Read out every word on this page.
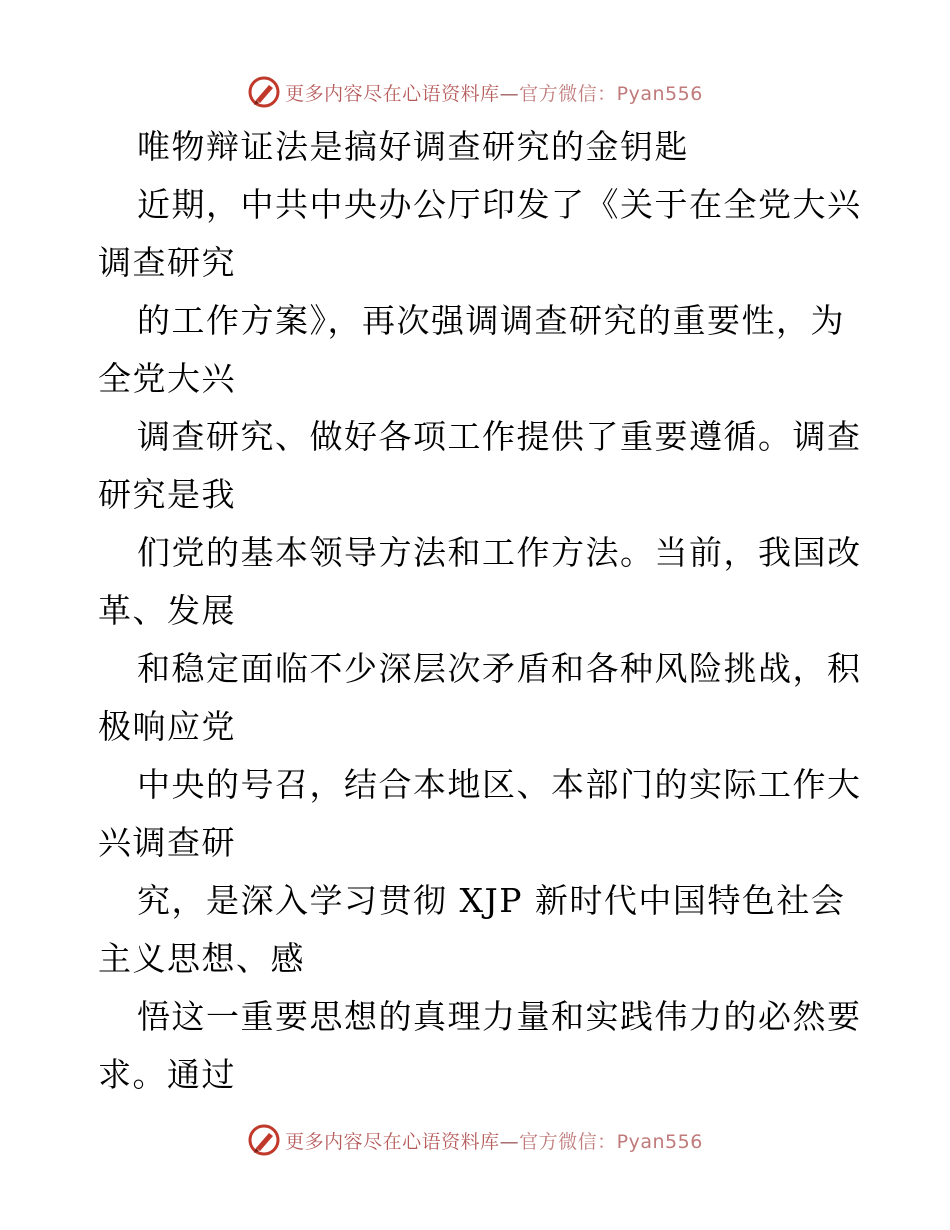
更多内容尽在心语资料库—官方微信：Pyan556
唯物辩证法是搞好调查研究的金钥匙
近期，中共中央办公厅印发了《关于在全党大兴
调查研究
的工作方案》，再次强调调查研究的重要性，为
全党大兴
调查研究、做好各项工作提供了重要遵循。调查
研究是我
们党的基本领导方法和工作方法。当前，我国改
革、发展
和稳定面临不少深层次矛盾和各种风险挑战，积
极响应党
中央的号召，结合本地区、本部门的实际工作大
兴调查研
究，是深入学习贯彻 XJP 新时代中国特色社会
主义思想、感
悟这一重要思想的真理力量和实践伟力的必然要
求。通过
更多内容尽在心语资料库—官方微信：Pyan556
